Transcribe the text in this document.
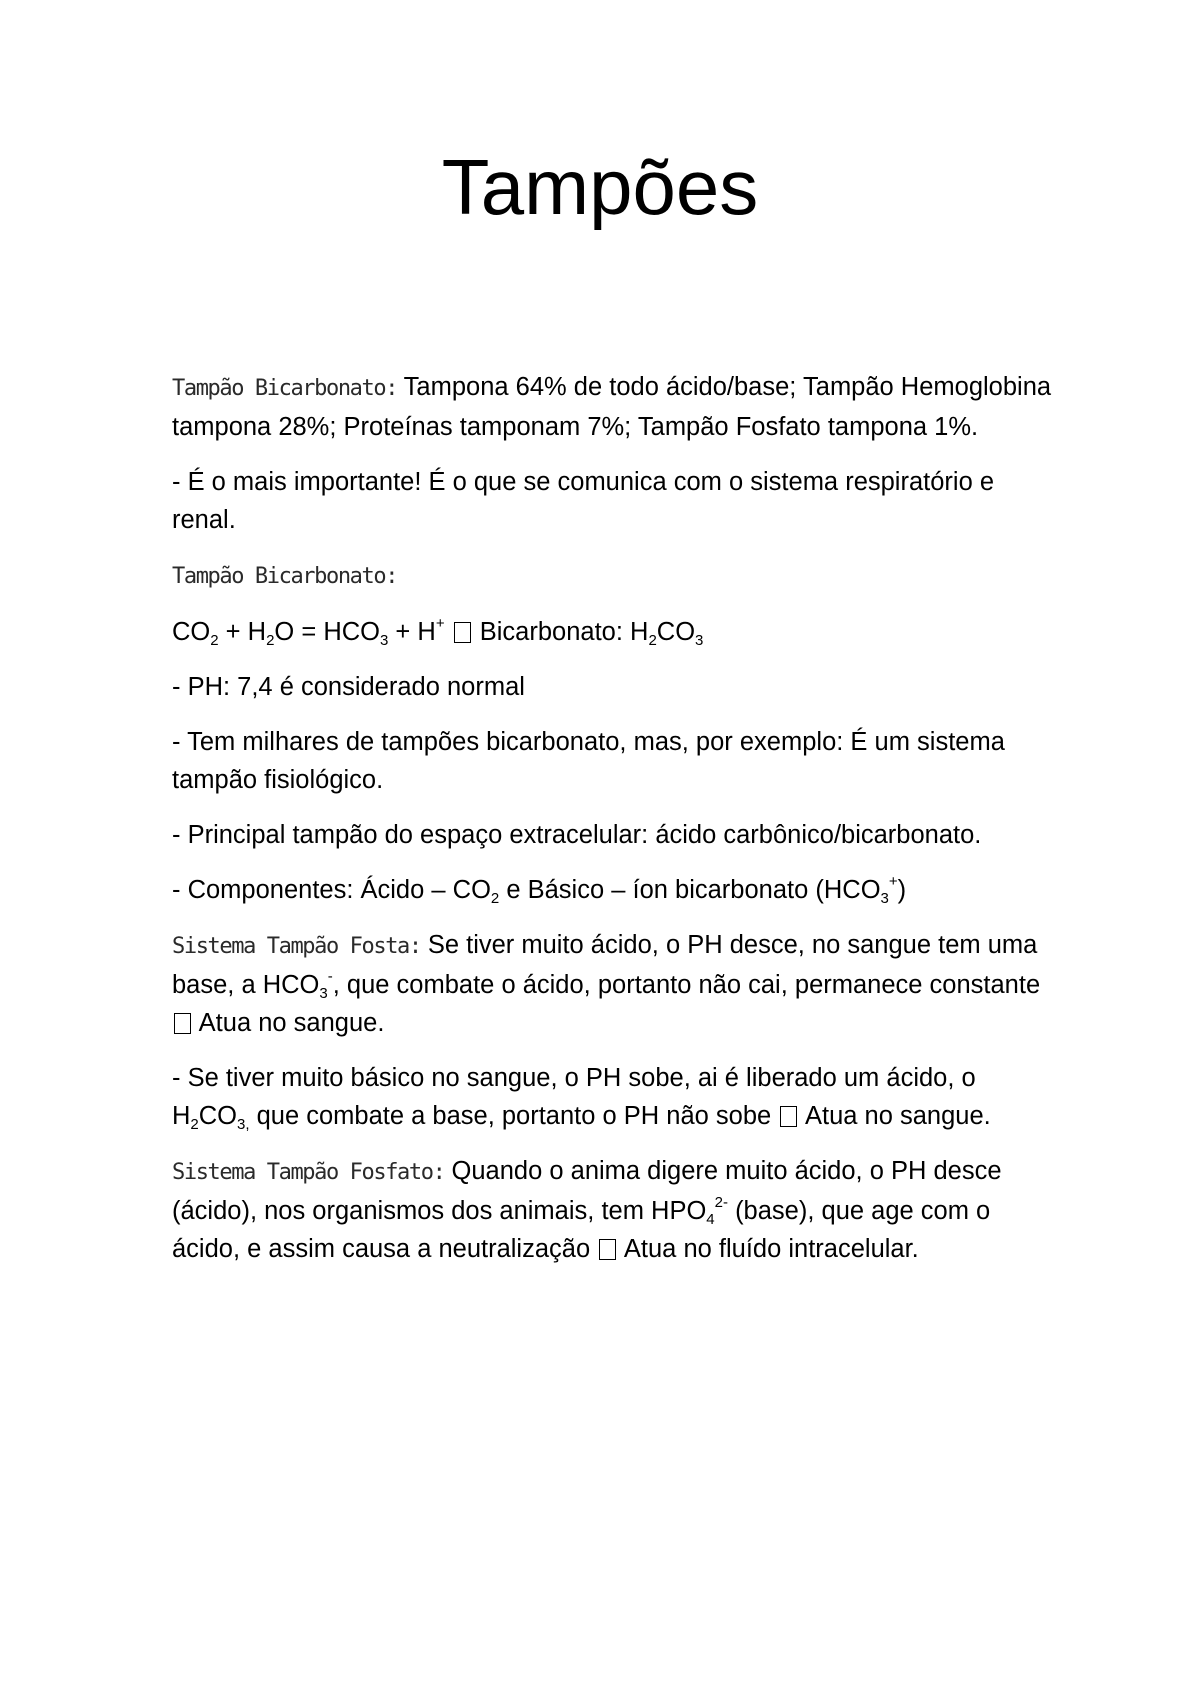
Tampões

Tampão Bicarbonato: Tampona 64% de todo ácido/base; Tampão Hemoglobina tampona 28%; Proteínas tamponam 7%; Tampão Fosfato tampona 1%.

- É o mais importante! É o que se comunica com o sistema respiratório e renal.

Tampão Bicarbonato:

$CO_2 + H_2O = HCO_3 + H^+$  Bicarbonato: $H_2CO_3$

- PH: 7,4 é considerado normal

- Tem milhares de tampões bicarbonato, mas, por exemplo: É um sistema tampão fisiológico.

- Principal tampão do espaço extracelular: ácido carbônico/bicarbonato.

- Componentes: Ácido – $CO_2$ e Básico – íon bicarbonato $(HCO_3^+)$

Sistema Tampão Fosta: Se tiver muito ácido, o PH desce, no sangue tem uma base, a $HCO_3^-$, que combate o ácido, portanto não cai, permanece constante  Atua no sangue.

- Se tiver muito básico no sangue, o PH sobe, ai é liberado um ácido, o $H_2CO_{3,}$ que combate a base, portanto o PH não sobe  Atua no sangue.

Sistema Tampão Fosfato: Quando o anima digere muito ácido, o PH desce (ácido), nos organismos dos animais, tem $HPO_4^{2-}$ (base), que age com o ácido, e assim causa a neutralização  Atua no fluído intracelular.
